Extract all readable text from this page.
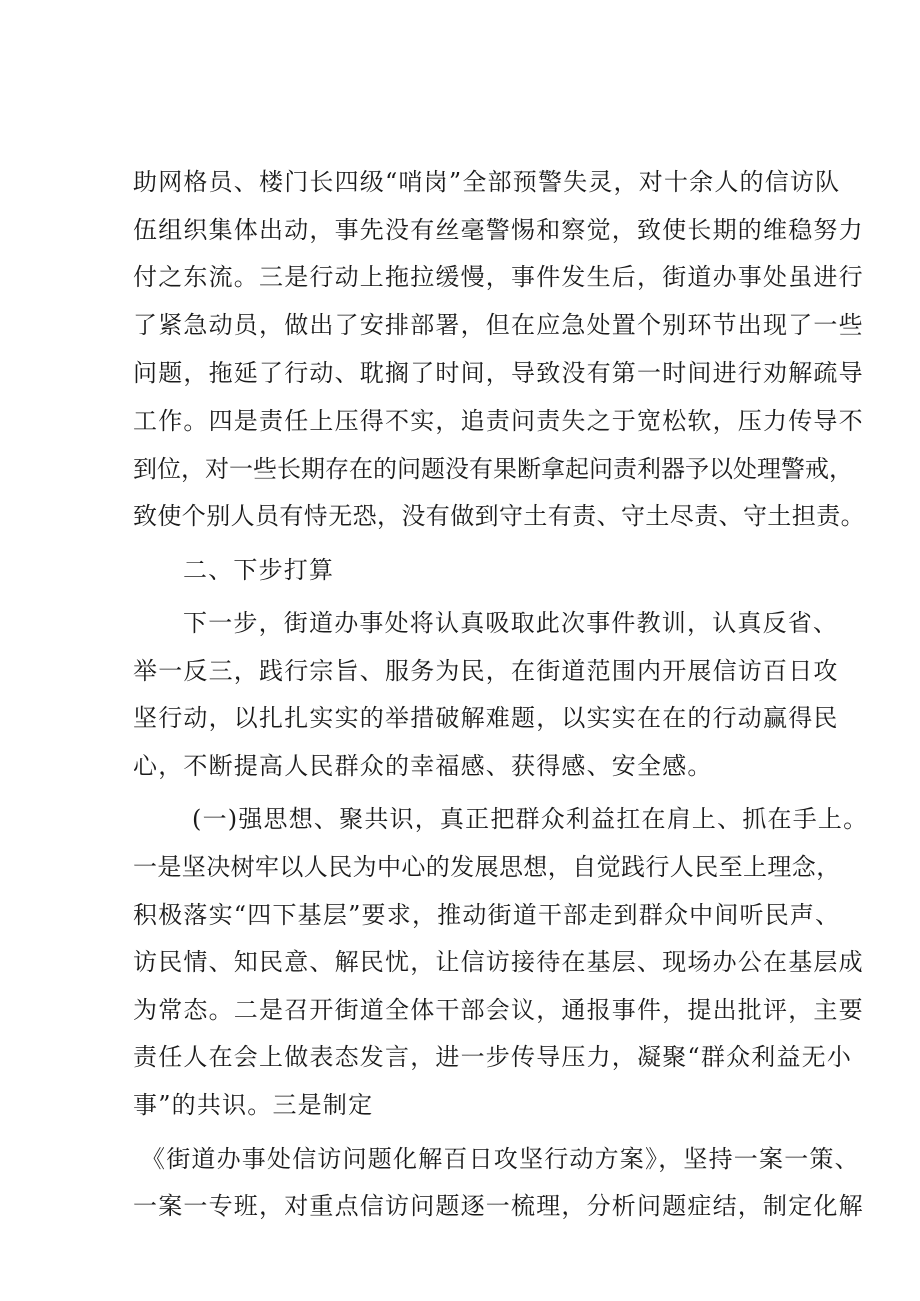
助网格员、楼门长四级“哨岗”全部预警失灵，对十余人的信访队
伍组织集体出动，事先没有丝毫警惕和察觉，致使长期的维稳努力
付之东流。三是行动上拖拉缓慢，事件发生后，街道办事处虽进行
了紧急动员，做出了安排部署，但在应急处置个别环节出现了一些
问题，拖延了行动、耽搁了时间，导致没有第一时间进行劝解疏导
工作。四是责任上压得不实，追责问责失之于宽松软，压力传导不
到位，对一些长期存在的问题没有果断拿起问责利器予以处理警戒，
致使个别人员有恃无恐，没有做到守土有责、守土尽责、守土担责。
二、下步打算
下一步，街道办事处将认真吸取此次事件教训，认真反省、
举一反三，践行宗旨、服务为民，在街道范围内开展信访百日攻
坚行动，以扎扎实实的举措破解难题，以实实在在的行动赢得民
心，不断提高人民群众的幸福感、获得感、安全感。
(一)强思想、聚共识，真正把群众利益扛在肩上、抓在手上。
一是坚决树牢以人民为中心的发展思想，自觉践行人民至上理念，
积极落实“四下基层”要求，推动街道干部走到群众中间听民声、
访民情、知民意、解民忧，让信访接待在基层、现场办公在基层成
为常态。二是召开街道全体干部会议，通报事件，提出批评，主要
责任人在会上做表态发言，进一步传导压力，凝聚“群众利益无小
事”的共识。三是制定
《街道办事处信访问题化解百日攻坚行动方案》，坚持一案一策、
一案一专班，对重点信访问题逐一梳理，分析问题症结，制定化解
